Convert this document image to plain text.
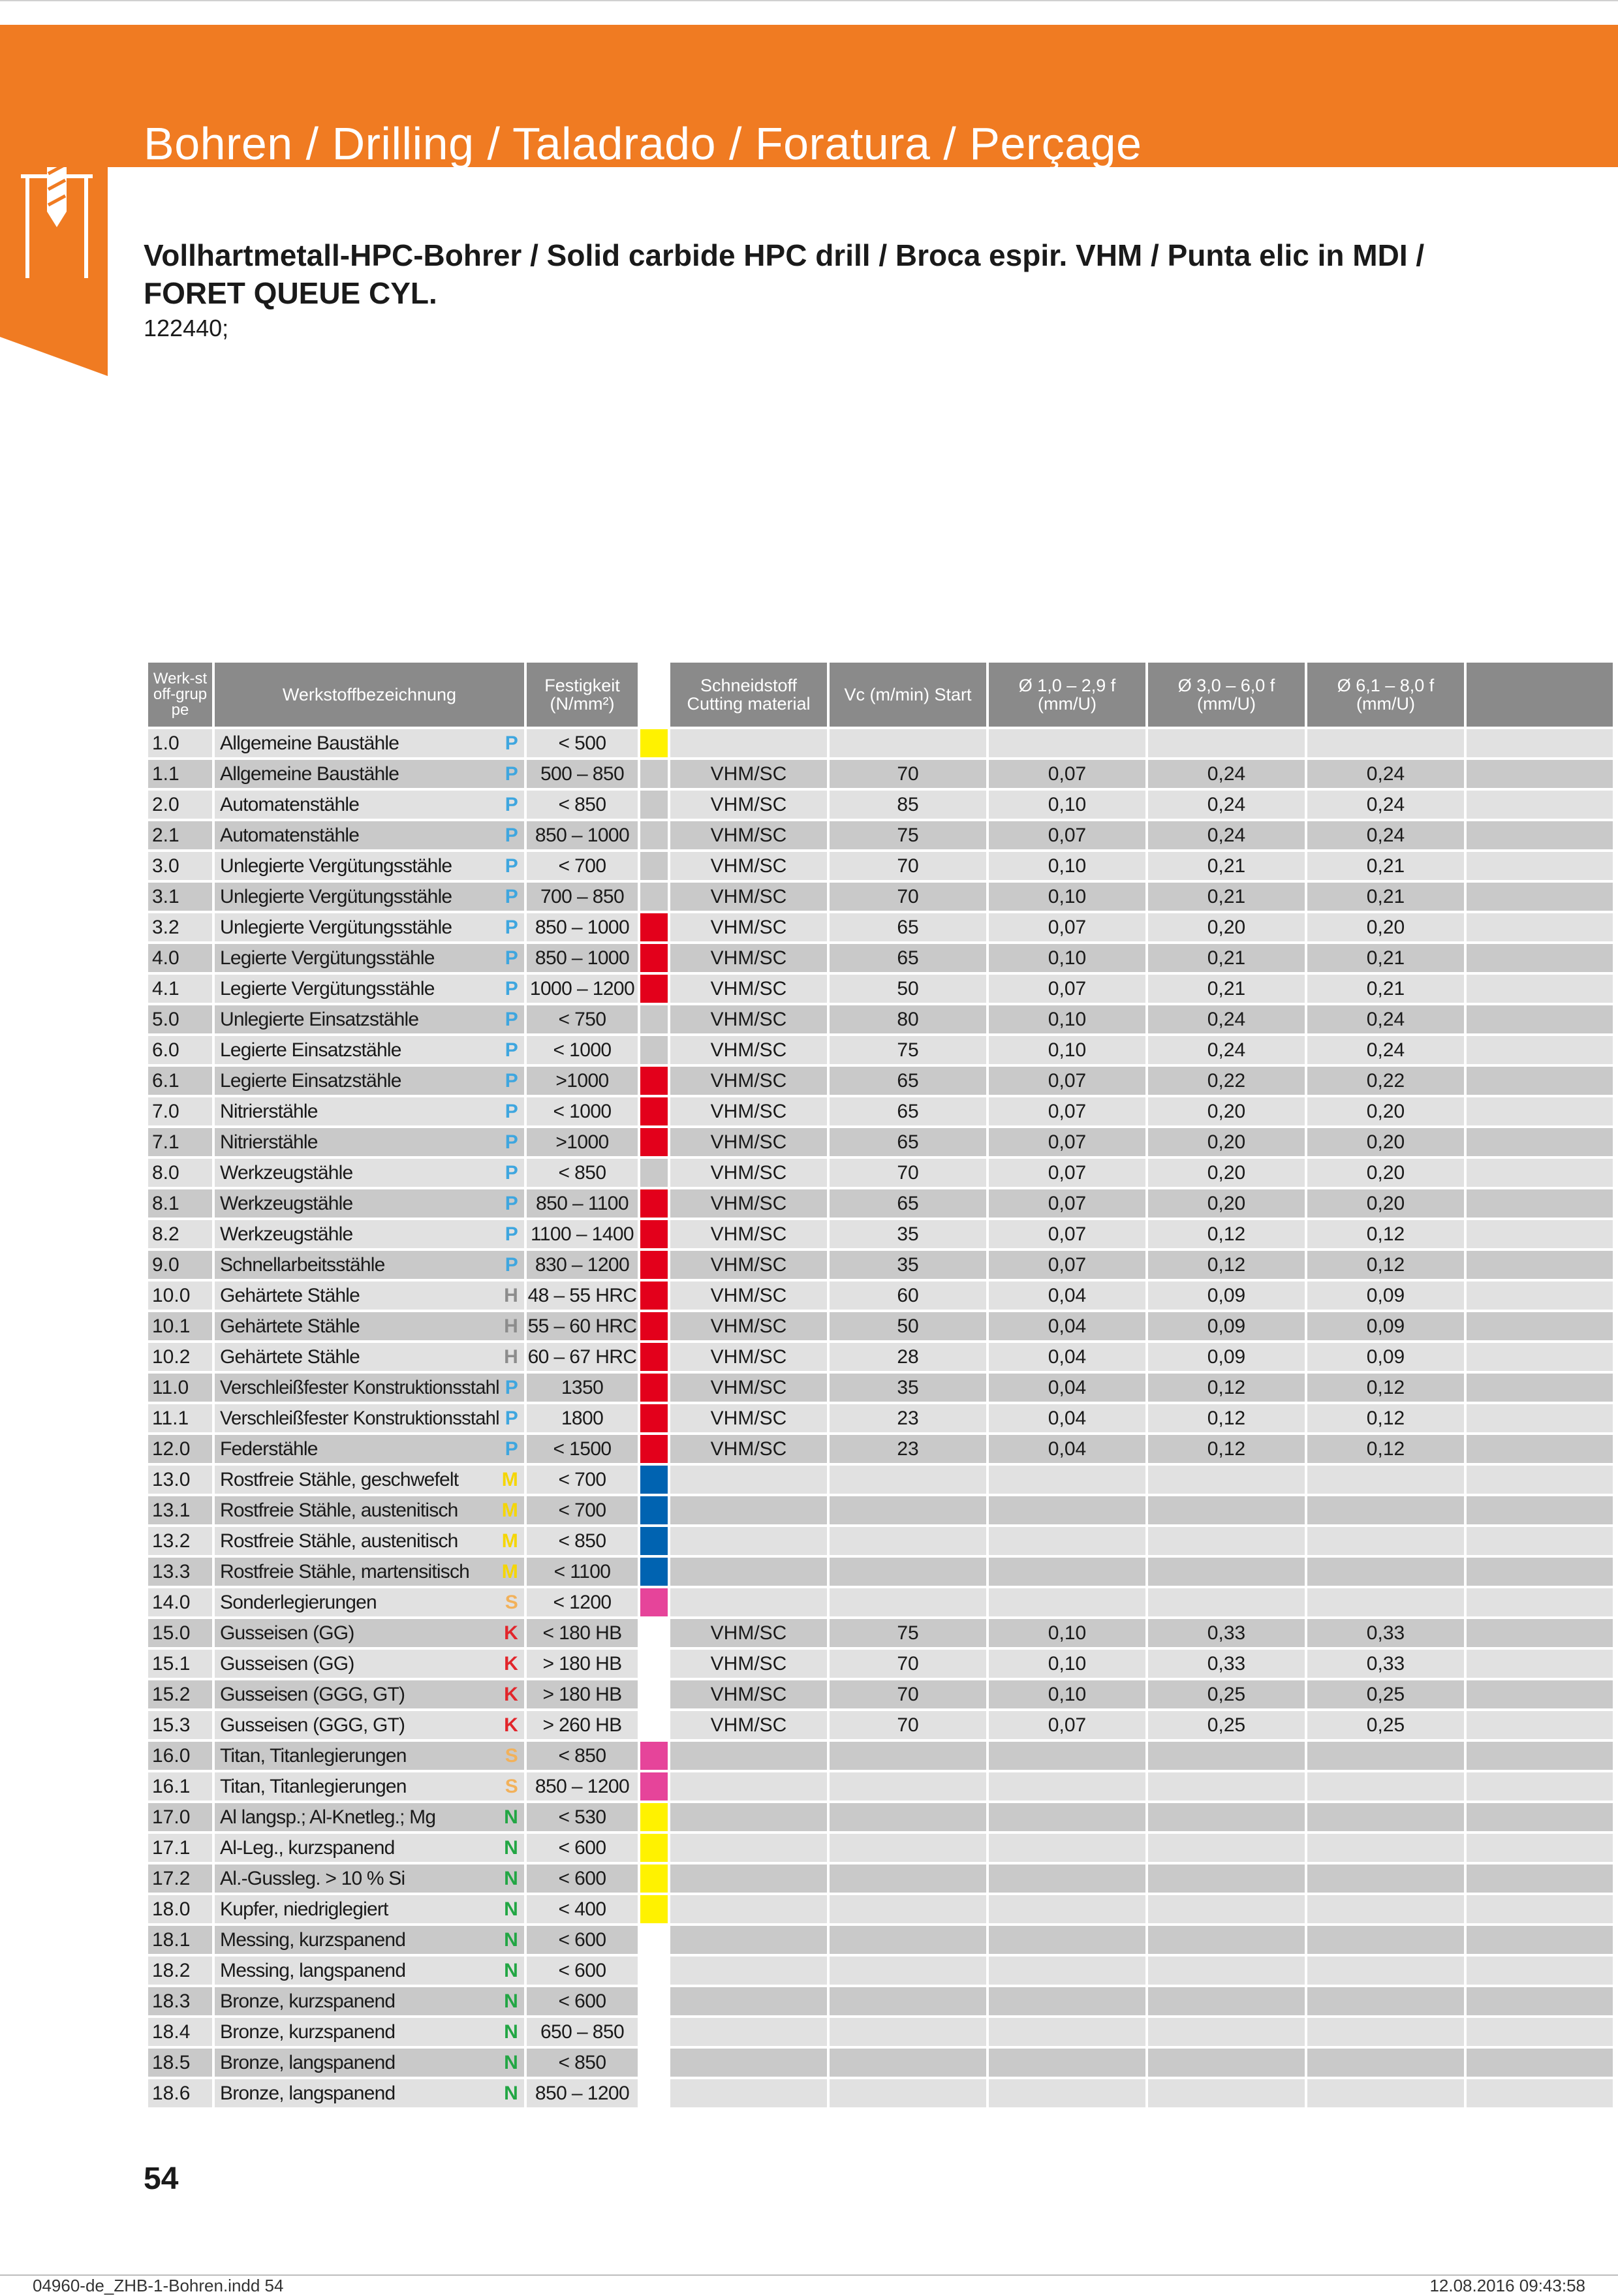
Bohren / Drilling / Taladrado / Foratura / Perçage
Vollhartmetall-HPC-Bohrer / Solid carbide HPC drill / Broca espir. VHM / Punta elic in MDI / FORET QUEUE CYL.
122440;
Werk-stoff-gruppe	Werkstoffbezeichnung	Festigkeit (N/mm²)		Schneidstoff Cutting material	Vc (m/min) Start	Ø 1,0 – 2,9 f (mm/U)	Ø 3,0 – 6,0 f (mm/U)	Ø 6,1 – 8,0 f (mm/U)	
1.0	Allgemeine Baustähle P	< 500	

1.1	Allgemeine Baustähle P	500 – 850		VHM/SC	70	0,07	0,24	0,24	
2.0	Automatenstähle P	< 850		VHM/SC	85	0,10	0,24	0,24	
2.1	Automatenstähle P	850 – 1000		VHM/SC	75	0,07	0,24	0,24	
3.0	Unlegierte Vergütungsstähle P	< 700		VHM/SC	70	0,10	0,21	0,21	
3.1	Unlegierte Vergütungsstähle P	700 – 850		VHM/SC	70	0,10	0,21	0,21	
3.2	Unlegierte Vergütungsstähle P	850 – 1000		VHM/SC	65	0,07	0,20	0,20	
4.0	Legierte Vergütungsstähle P	850 – 1000		VHM/SC	65	0,10	0,21	0,21	
4.1	Legierte Vergütungsstähle P	1000 – 1200		VHM/SC	50	0,07	0,21	0,21	
5.0	Unlegierte Einsatzstähle P	< 750		VHM/SC	80	0,10	0,24	0,24	
6.0	Legierte Einsatzstähle P	< 1000		VHM/SC	75	0,10	0,24	0,24	
6.1	Legierte Einsatzstähle P	>1000		VHM/SC	65	0,07	0,22	0,22	
7.0	Nitrierstähle P	< 1000		VHM/SC	65	0,07	0,20	0,20	
7.1	Nitrierstähle P	>1000		VHM/SC	65	0,07	0,20	0,20	
8.0	Werkzeugstähle P	< 850		VHM/SC	70	0,07	0,20	0,20	
8.1	Werkzeugstähle P	850 – 1100		VHM/SC	65	0,07	0,20	0,20	
8.2	Werkzeugstähle P	1100 – 1400		VHM/SC	35	0,07	0,12	0,12	
9.0	Schnellarbeitsstähle P	830 – 1200		VHM/SC	35	0,07	0,12	0,12	
10.0	Gehärtete Stähle H	48 – 55 HRC		VHM/SC	60	0,04	0,09	0,09	
10.1	Gehärtete Stähle H	55 – 60 HRC		VHM/SC	50	0,04	0,09	0,09	
10.2	Gehärtete Stähle H	60 – 67 HRC		VHM/SC	28	0,04	0,09	0,09	
11.0	Verschleißfester Konstruktionsstahl P	1350		VHM/SC	35	0,04	0,12	0,12	
11.1	Verschleißfester Konstruktionsstahl P	1800		VHM/SC	23	0,04	0,12	0,12	
12.0	Federstähle P	< 1500		VHM/SC	23	0,04	0,12	0,12	
13.0	Rostfreie Stähle, geschwefelt M	< 700	

13.1	Rostfreie Stähle, austenitisch M	< 700	

13.2	Rostfreie Stähle, austenitisch M	< 850	

13.3	Rostfreie Stähle, martensitisch M	< 1100	

14.0	Sonderlegierungen S	< 1200	

15.0	Gusseisen (GG) K	< 180 HB		VHM/SC	75	0,10	0,33	0,33	
15.1	Gusseisen (GG) K	> 180 HB		VHM/SC	70	0,10	0,33	0,33	
15.2	Gusseisen (GGG, GT) K	> 180 HB		VHM/SC	70	0,10	0,25	0,25	
15.3	Gusseisen (GGG, GT) K	> 260 HB		VHM/SC	70	0,07	0,25	0,25	
16.0	Titan, Titanlegierungen S	< 850	

16.1	Titan, Titanlegierungen S	850 – 1200	

17.0	Al langsp.; Al-Knetleg.; Mg N	< 530	

17.1	Al-Leg., kurzspanend N	< 600	

17.2	Al.-Gussleg. > 10 % Si N	< 600	

18.0	Kupfer, niedriglegiert N	< 400	

18.1	Messing, kurzspanend N	< 600	

18.2	Messing, langspanend N	< 600	

18.3	Bronze, kurzspanend N	< 600	

18.4	Bronze, kurzspanend N	650 – 850	

18.5	Bronze, langspanend N	< 850	

18.6	Bronze, langspanend N	850 – 1200	

54
04960-de_ZHB-1-Bohren.indd 54	12.08.2016 09:43:58
